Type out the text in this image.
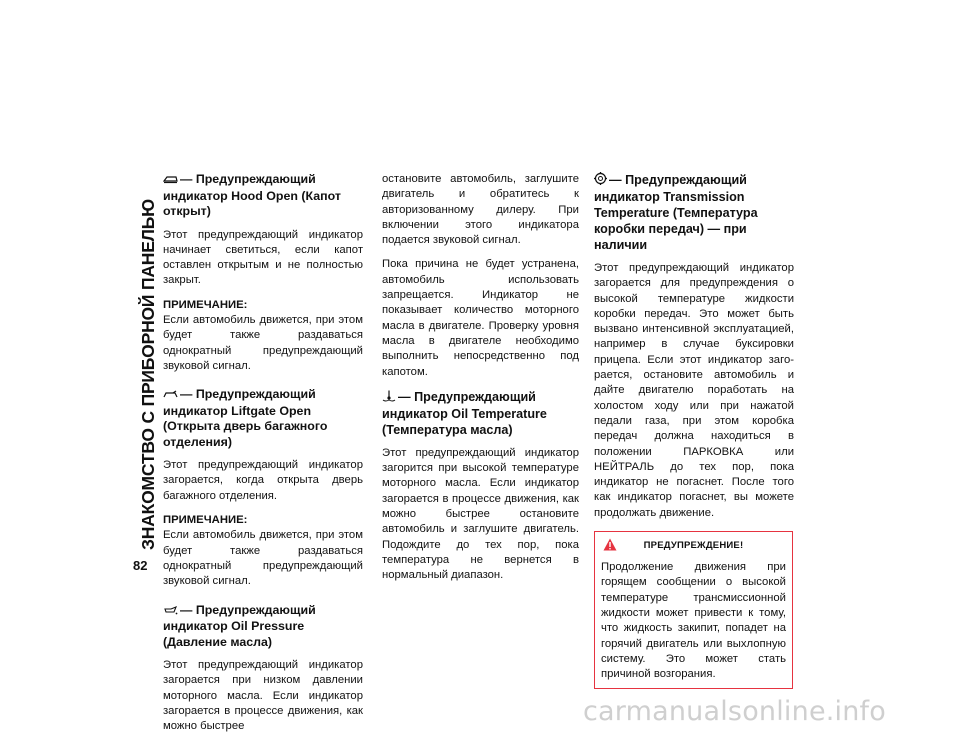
ЗНАКОМСТВО С ПРИБОРНОЙ ПАНЕЛЬЮ
82
— Предупреждающий индикатор Hood Open (Капот открыт)

Этот предупреждающий индикатор начинает светиться, если капот оставлен открытым и не полностью закрыт.

ПРИМЕЧАНИЕ:
Если автомобиль движется, при этом будет также раздаваться однократный предупреждающий звуковой сигнал.
— Предупреждающий индикатор Liftgate Open (Открыта дверь багажного отделения)

Этот предупреждающий индикатор загорается, когда открыта дверь багажного отделения.

ПРИМЕЧАНИЕ:
Если автомобиль движется, при этом будет также раздаваться однократный предупреждающий звуковой сигнал.
— Предупреждающий индикатор Oil Pressure (Давление масла)

Этот предупреждающий индикатор загорается при низком давлении моторного масла. Если индикатор загорается в процессе движения, как можно быстрее

остановите автомобиль, заглушите двигатель и обратитесь к авторизованному дилеру. При включении этого индикатора подается звуковой сигнал.

Пока причина не будет устранена, автомобиль использовать запрещается. Индикатор не показывает количество моторного масла в двигателе. Проверку уровня масла в двигателе необходимо выполнить непосредственно под капотом.

— Предупреждающий индикатор Oil Temperature (Температура масла)

Этот предупреждающий индикатор загорится при высокой температуре моторного масла. Если индикатор загорается в процессе движения, как можно быстрее остановите автомобиль и заглушите двигатель. Подождите до тех пор, пока температура не вернется в нормальный диапазон.

— Предупреждающий индикатор Transmission Temperature (Температура коробки передач) — при наличии

Этот предупреждающий индикатор загорается для предупреждения о высокой температуре жидкости коробки передач. Это может быть вызвано интенсивной эксплуатацией, например в случае буксировки прицепа. Если этот индикатор загорается, остановите автомобиль и дайте двигателю поработать на холостом ходу или при нажатой педали газа, при этом коробка передач должна находиться в положении ПАРКОВКА или НЕЙТРАЛЬ до тех пор, пока индикатор не погаснет. После того как индикатор погаснет, вы можете продолжать движение.

ПРЕДУПРЕЖДЕНИЕ!

Продолжение движения при горящем сообщении о высокой температуре трансмиссионной жидкости может привести к тому, что жидкость закипит, попадет на горячий двигатель или выхлопную систему. Это может стать причиной возгорания.

carmanualsonline.info
